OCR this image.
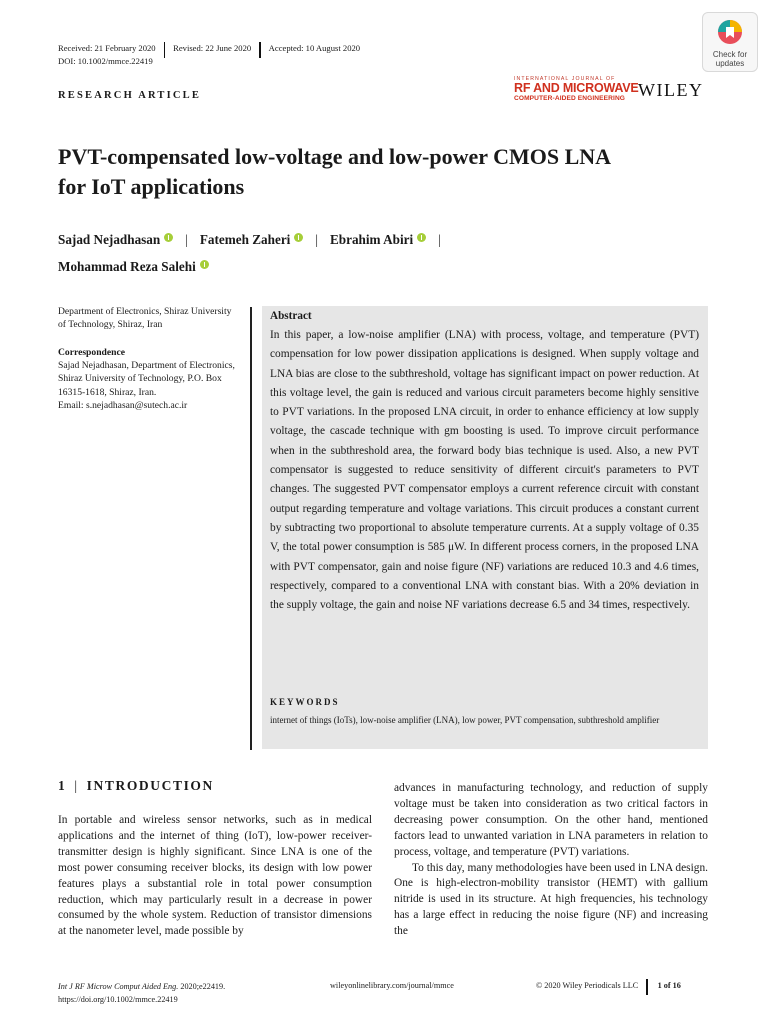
Received: 21 February 2020	Revised: 22 June 2020	Accepted: 10 August 2020
DOI: 10.1002/mmce.22419
RESEARCH ARTICLE
INTERNATIONAL JOURNAL OF
RF AND MICROWAVE
COMPUTER-AIDED ENGINEERING WILEY
Check for
updates
PVT-compensated low-voltage and low-power CMOS LNA
for IoT applications
Sajad Nejadhasan | Fatemeh Zaheri | Ebrahim Abiri |
Mohammad Reza Salehi
Department of Electronics, Shiraz University of Technology, Shiraz, Iran
Correspondence
Sajad Nejadhasan, Department of Electronics, Shiraz University of Technology, P.O. Box 16315-1618, Shiraz, Iran.
Email: s.nejadhasan@sutech.ac.ir
Abstract
In this paper, a low-noise amplifier (LNA) with process, voltage, and temperature (PVT) compensation for low power dissipation applications is designed. When supply voltage and LNA bias are close to the subthreshold, voltage has significant impact on power reduction. At this voltage level, the gain is reduced and various circuit parameters become highly sensitive to PVT variations. In the proposed LNA circuit, in order to enhance efficiency at low supply voltage, the cascade technique with gm boosting is used. To improve circuit performance when in the subthreshold area, the forward body bias technique is used. Also, a new PVT compensator is suggested to reduce sensitivity of different circuit's parameters to PVT changes. The suggested PVT compensator employs a current reference circuit with constant output regarding temperature and voltage variations. This circuit produces a constant current by subtracting two proportional to absolute temperature currents. At a supply voltage of 0.35 V, the total power consumption is 585 μW. In different process corners, in the proposed LNA with PVT compensator, gain and noise figure (NF) variations are reduced 10.3 and 4.6 times, respectively, compared to a conventional LNA with constant bias. With a 20% deviation in the supply voltage, the gain and noise NF variations decrease 6.5 and 34 times, respectively.
KEYWORDS
internet of things (IoTs), low-noise amplifier (LNA), low power, PVT compensation, subthreshold amplifier
1 | INTRODUCTION
In portable and wireless sensor networks, such as in medical applications and the internet of thing (IoT), low-power receiver-transmitter design is highly significant. Since LNA is one of the most power consuming receiver blocks, its design with low power features plays a substantial role in total power consumption reduction, which may particularly result in a decrease in power consumed by the whole system. Reduction of transistor dimensions at the nanometer level, made possible by

advances in manufacturing technology, and reduction of supply voltage must be taken into consideration as two critical factors in decreasing power consumption. On the other hand, mentioned factors lead to unwanted variation in LNA parameters in relation to process, voltage, and temperature (PVT) variations.

To this day, many methodologies have been used in LNA design. One is high-electron-mobility transistor (HEMT) with gallium nitride is used in its structure. At high frequencies, his technology has a large effect in reducing the noise figure (NF) and increasing the

Int J RF Microw Comput Aided Eng. 2020;e22419.
https://doi.org/10.1002/mmce.22419
wileyonlinelibrary.com/journal/mmce	© 2020 Wiley Periodicals LLC 1 of 16
